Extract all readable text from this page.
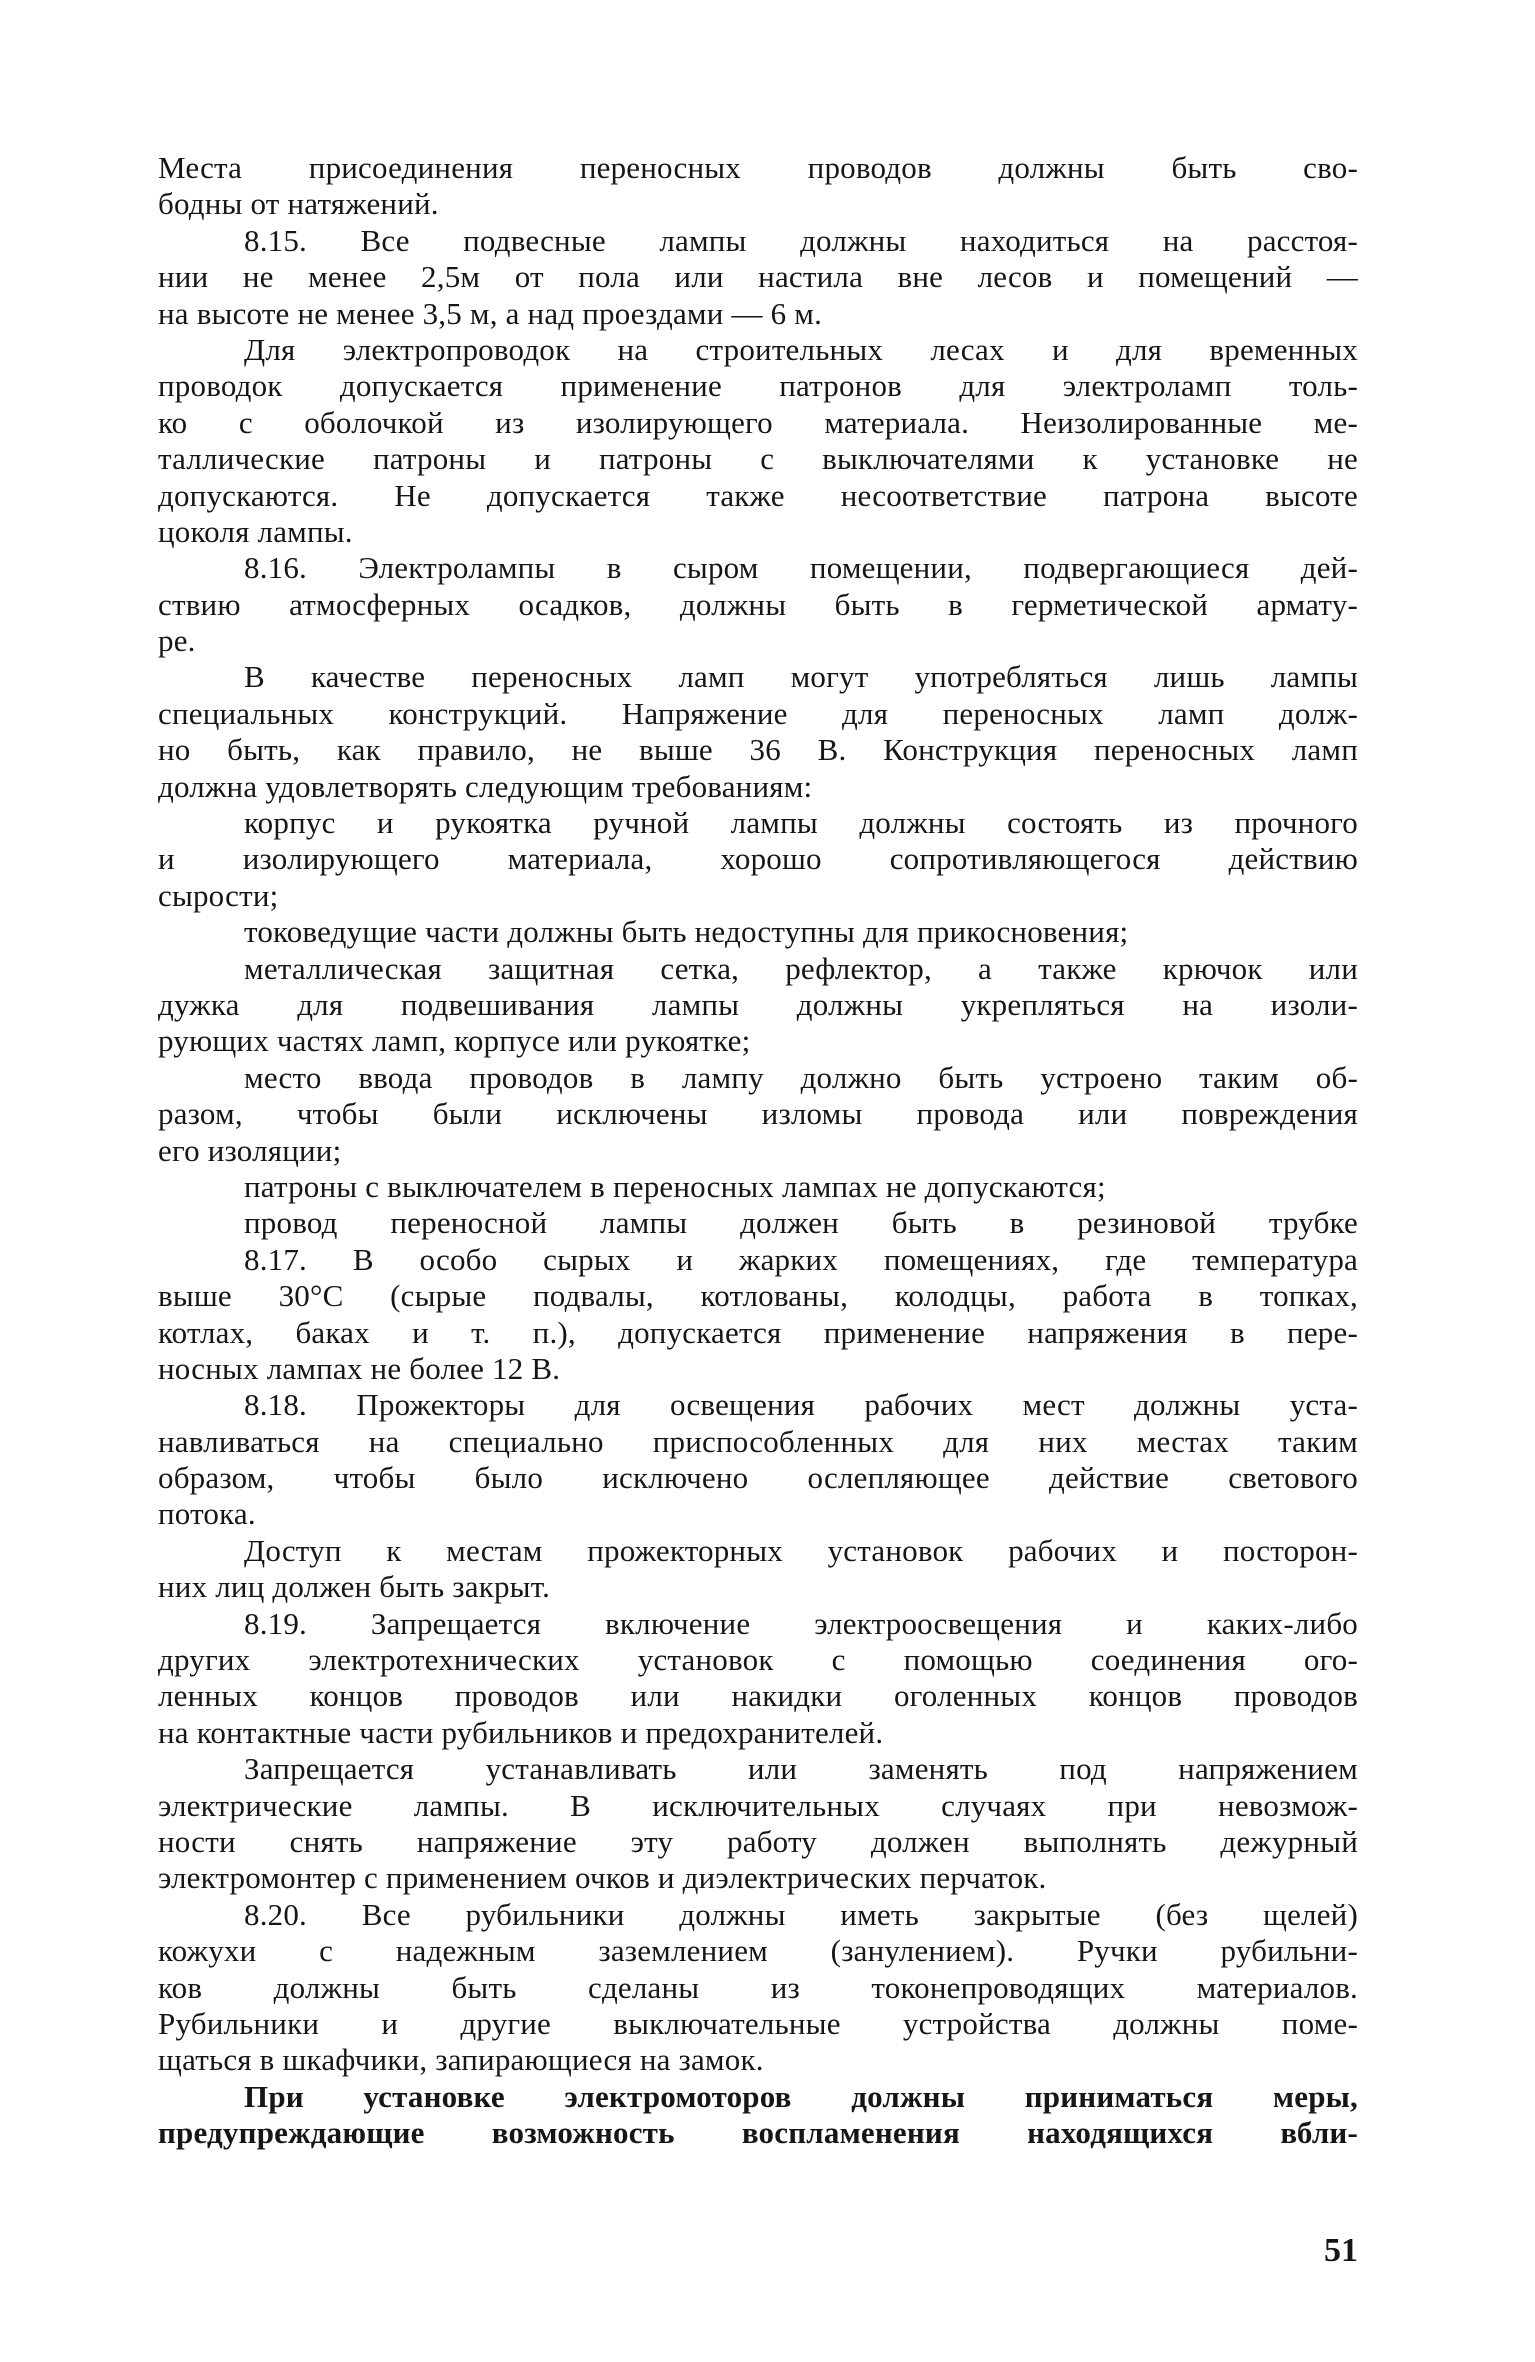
Места присоединения переносных проводов должны быть сво-
бодны от натяжений.
8.15. Все подвесные лампы должны находиться на расстоя-
нии не менее 2,5м от пола или настила вне лесов и помещений —
на высоте не менее 3,5 м, а над проездами — 6 м.
Для электропроводок на строительных лесах и для временных
проводок допускается применение патронов для электроламп толь-
ко с оболочкой из изолирующего материала. Неизолированные ме-
таллические патроны и патроны с выключателями к установке не
допускаются. Не допускается также несоответствие патрона высоте
цоколя лампы.
8.16. Электролампы в сыром помещении, подвергающиеся дей-
ствию атмосферных осадков, должны быть в герметической армату-
ре.
В качестве переносных ламп могут употребляться лишь лампы
специальных конструкций. Напряжение для переносных ламп долж-
но быть, как правило, не выше 36 В. Конструкция переносных ламп
должна удовлетворять следующим требованиям:
корпус и рукоятка ручной лампы должны состоять из прочного
и изолирующего материала, хорошо сопротивляющегося действию
сырости;
токоведущие части должны быть недоступны для прикосновения;
металлическая защитная сетка, рефлектор, а также крючок или
дужка для подвешивания лампы должны укрепляться на изоли-
рующих частях ламп, корпусе или рукоятке;
место ввода проводов в лампу должно быть устроено таким об-
разом, чтобы были исключены изломы провода или повреждения
его изоляции;
патроны с выключателем в переносных лампах не допускаются;
провод переносной лампы должен быть в резиновой трубке
8.17. В особо сырых и жарких помещениях, где температура
выше 30°С (сырые подвалы, котлованы, колодцы, работа в топках,
котлах, баках и т. п.), допускается применение напряжения в пере-
носных лампах не более 12 В.
8.18. Прожекторы для освещения рабочих мест должны уста-
навливаться на специально приспособленных для них местах таким
образом, чтобы было исключено ослепляющее действие светового
потока.
Доступ к местам прожекторных установок рабочих и посторон-
них лиц должен быть закрыт.
8.19. Запрещается включение электроосвещения и каких-либо
других электротехнических установок с помощью соединения ого-
ленных концов проводов или накидки оголенных концов проводов
на контактные части рубильников и предохранителей.
Запрещается устанавливать или заменять под напряжением
электрические лампы. В исключительных случаях при невозмож-
ности снять напряжение эту работу должен выполнять дежурный
электромонтер с применением очков и диэлектрических перчаток.
8.20. Все рубильники должны иметь закрытые (без щелей)
кожухи с надежным заземлением (занулением). Ручки рубильни-
ков должны быть сделаны из токонепроводящих материалов.
Рубильники и другие выключательные устройства должны поме-
щаться в шкафчики, запирающиеся на замок.
При установке электромоторов должны приниматься меры,
предупреждающие возможность воспламенения находящихся вбли-
51
